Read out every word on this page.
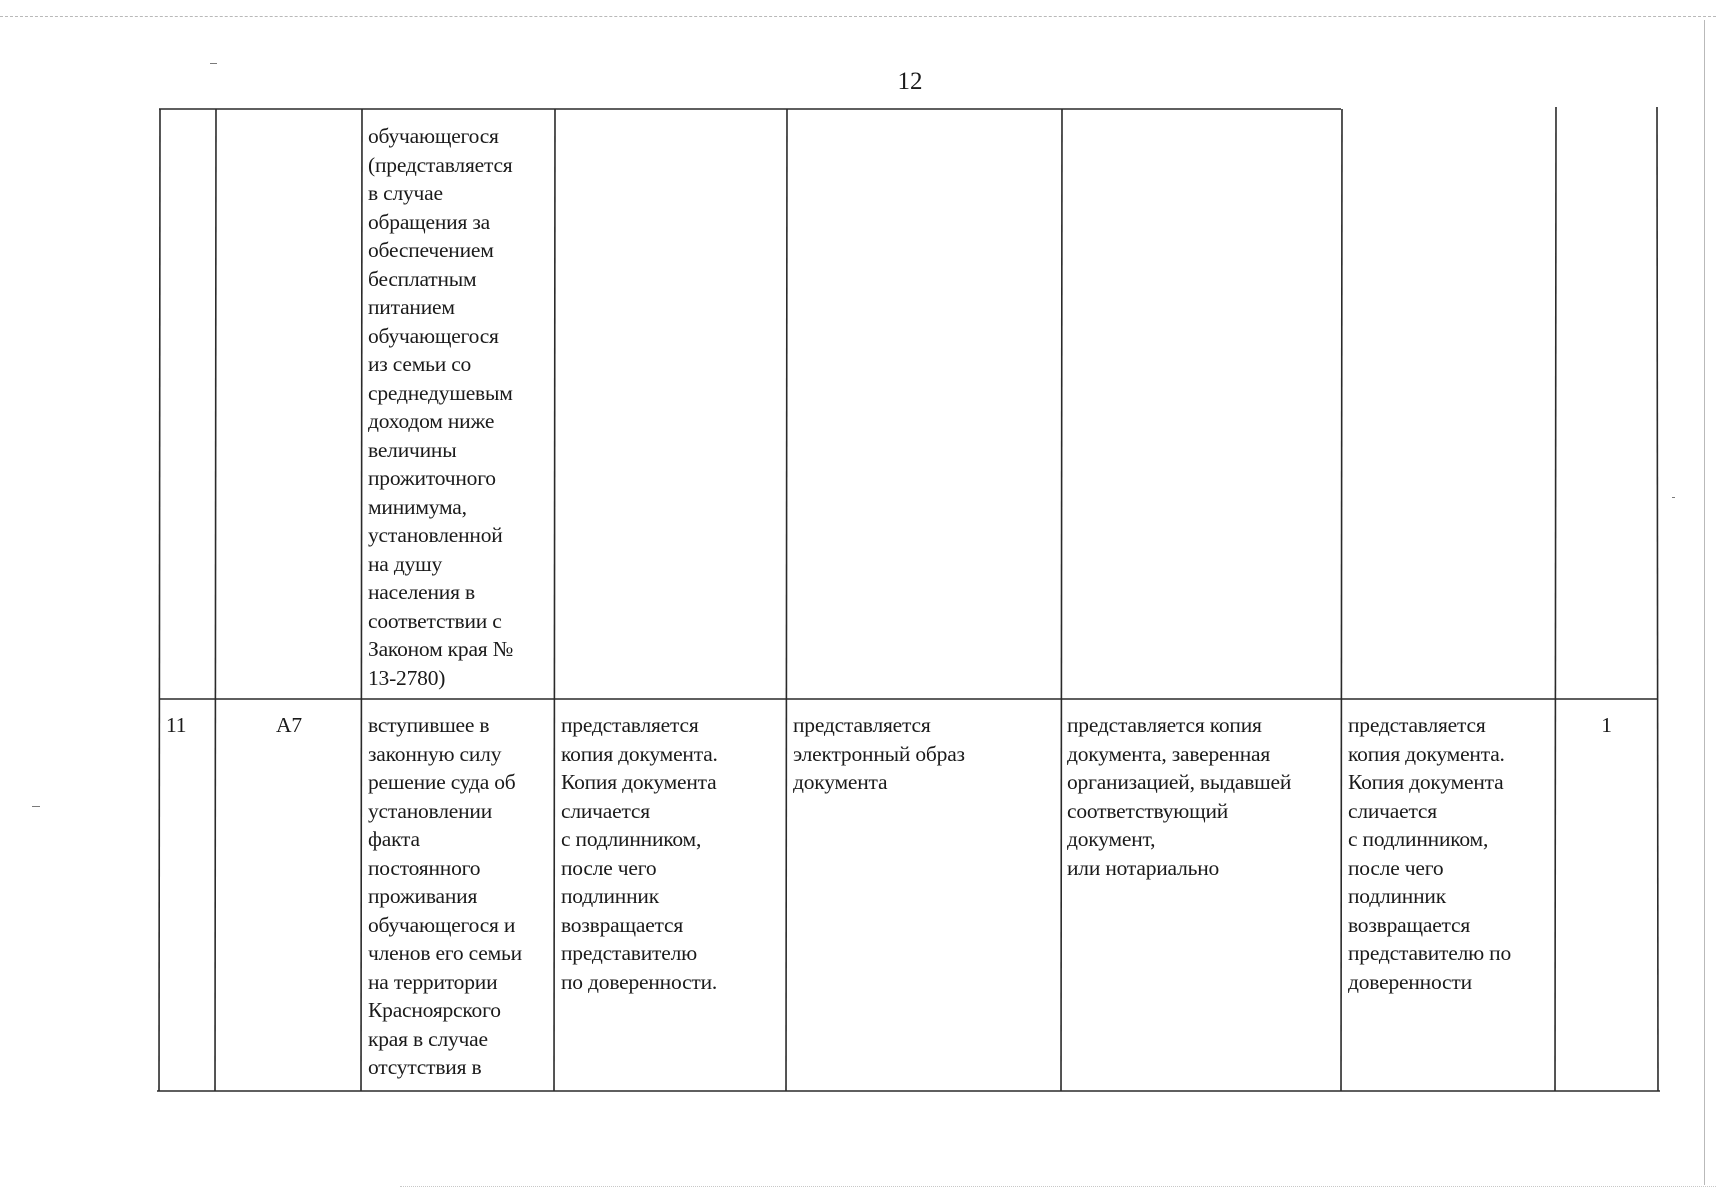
12
обучающегося
(представляется
в случае
обращения за
обеспечением
бесплатным
питанием
обучающегося
из семьи со
среднедушевым
доходом ниже
величины
прожиточного
минимума,
установленной
на душу
населения в
соответствии с
Законом края №
13-2780)
11	А7	вступившее в
законную силу
решение суда об
установлении
факта
постоянного
проживания
обучающегося и
членов его семьи
на территории
Красноярского
края в случае
отсутствия в
представляется
копия документа.
Копия документа
сличается
с подлинником,
после чего
подлинник
возвращается
представителю
по доверенности.
представляется
электронный образ
документа
представляется копия
документа, заверенная
организацией, выдавшей
соответствующий
документ,
или нотариально
представляется
копия документа.
Копия документа
сличается
с подлинником,
после чего
подлинник
возвращается
представителю по
доверенности
1
